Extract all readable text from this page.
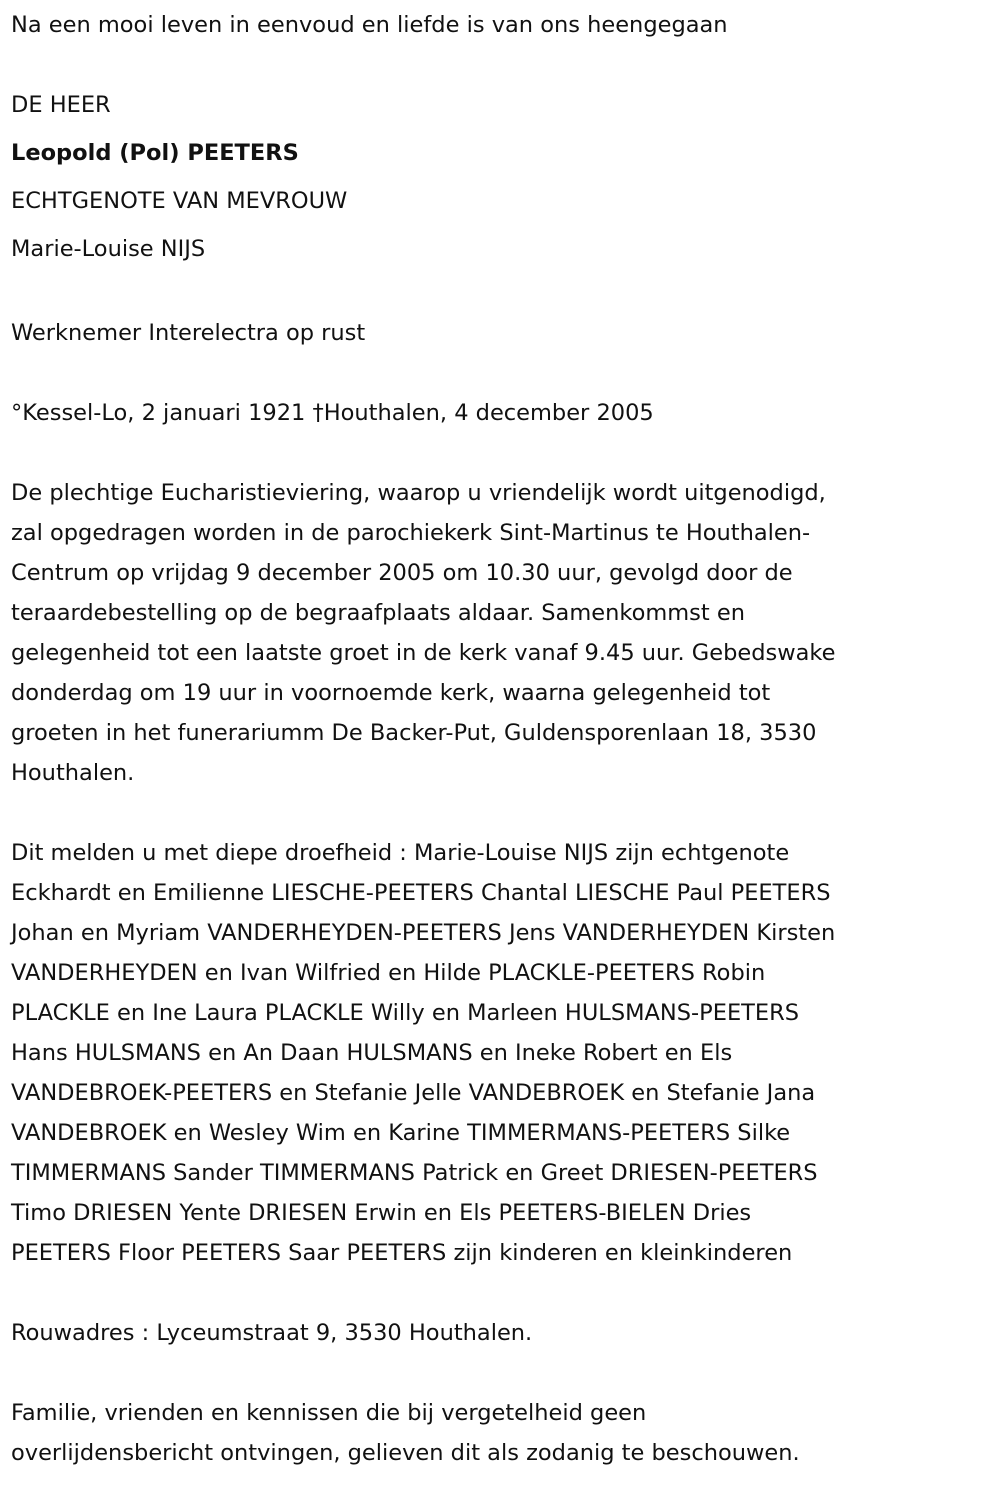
Na een mooi leven in eenvoud en liefde is van ons heengegaan
DE HEER
Leopold (Pol) PEETERS
ECHTGENOTE VAN MEVROUW
Marie-Louise NIJS
Werknemer Interelectra op rust
°Kessel-Lo, 2 januari 1921 †Houthalen, 4 december 2005
De plechtige Eucharistieviering, waarop u vriendelijk wordt uitgenodigd,
zal opgedragen worden in de parochiekerk Sint-Martinus te Houthalen-
Centrum op vrijdag 9 december 2005 om 10.30 uur, gevolgd door de
teraardebestelling op de begraafplaats aldaar. Samenkommst en
gelegenheid tot een laatste groet in de kerk vanaf 9.45 uur. Gebedswake
donderdag om 19 uur in voornoemde kerk, waarna gelegenheid tot
groeten in het funerariumm De Backer-Put, Guldensporenlaan 18, 3530
Houthalen.
Dit melden u met diepe droefheid : Marie-Louise NIJS zijn echtgenote
Eckhardt en Emilienne LIESCHE-PEETERS Chantal LIESCHE Paul PEETERS
Johan en Myriam VANDERHEYDEN-PEETERS Jens VANDERHEYDEN Kirsten
VANDERHEYDEN en Ivan Wilfried en Hilde PLACKLE-PEETERS Robin
PLACKLE en Ine Laura PLACKLE Willy en Marleen HULSMANS-PEETERS
Hans HULSMANS en An Daan HULSMANS en Ineke Robert en Els
VANDEBROEK-PEETERS en Stefanie Jelle VANDEBROEK en Stefanie Jana
VANDEBROEK en Wesley Wim en Karine TIMMERMANS-PEETERS Silke
TIMMERMANS Sander TIMMERMANS Patrick en Greet DRIESEN-PEETERS
Timo DRIESEN Yente DRIESEN Erwin en Els PEETERS-BIELEN Dries
PEETERS Floor PEETERS Saar PEETERS zijn kinderen en kleinkinderen
Rouwadres : Lyceumstraat 9, 3530 Houthalen.
Familie, vrienden en kennissen die bij vergetelheid geen
overlijdensbericht ontvingen, gelieven dit als zodanig te beschouwen.
